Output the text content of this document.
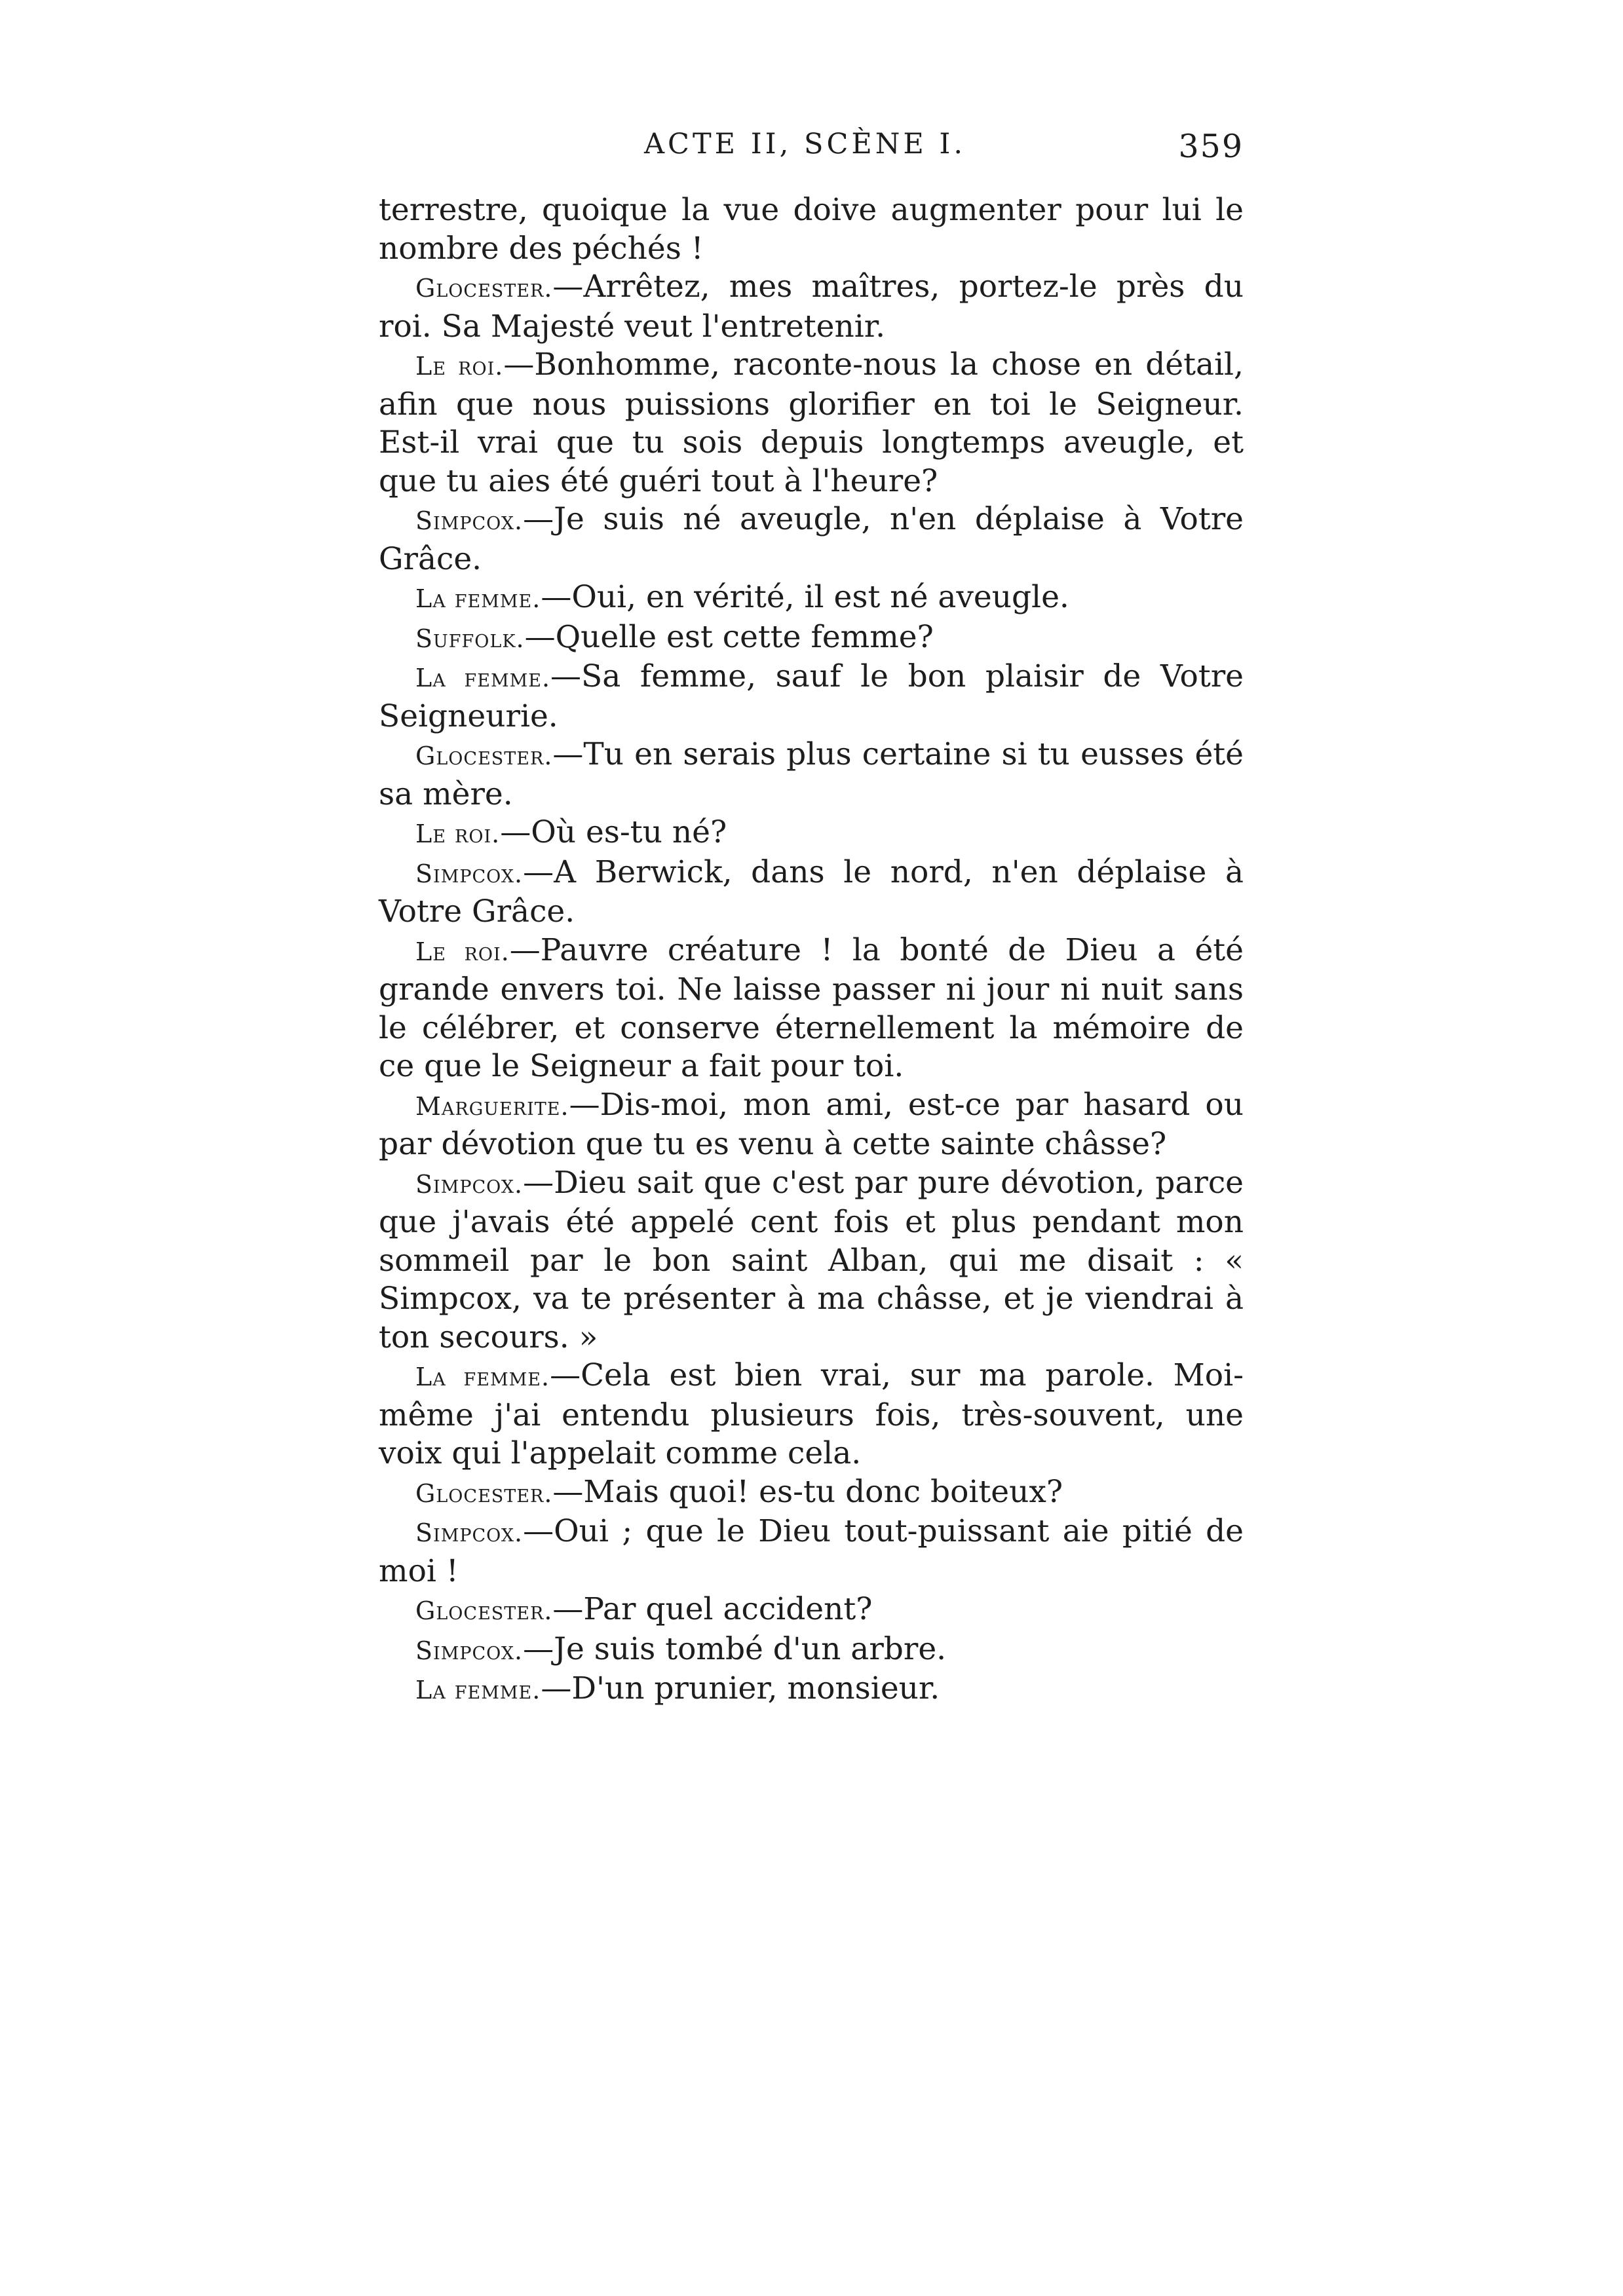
ACTE II, SCÈNE I.	359

terrestre, quoique la vue doive augmenter pour lui le nombre des péchés !

Glocester.—Arrêtez, mes maîtres, portez-le près du roi. Sa Majesté veut l'entretenir.

Le roi.—Bonhomme, raconte-nous la chose en détail, afin que nous puissions glorifier en toi le Seigneur. Est-il vrai que tu sois depuis longtemps aveugle, et que tu aies été guéri tout à l'heure?

Simpcox.—Je suis né aveugle, n'en déplaise à Votre Grâce.

La femme.—Oui, en vérité, il est né aveugle.

Suffolk.—Quelle est cette femme?

La femme.—Sa femme, sauf le bon plaisir de Votre Seigneurie.

Glocester.—Tu en serais plus certaine si tu eusses été sa mère.

Le roi.—Où es-tu né?

Simpcox.—A Berwick, dans le nord, n'en déplaise à Votre Grâce.

Le roi.—Pauvre créature ! la bonté de Dieu a été grande envers toi. Ne laisse passer ni jour ni nuit sans le célébrer, et conserve éternellement la mémoire de ce que le Seigneur a fait pour toi.

Marguerite.—Dis-moi, mon ami, est-ce par hasard ou par dévotion que tu es venu à cette sainte châsse?

Simpcox.—Dieu sait que c'est par pure dévotion, parce que j'avais été appelé cent fois et plus pendant mon sommeil par le bon saint Alban, qui me disait : « Simpcox, va te présenter à ma châsse, et je viendrai à ton secours. »

La femme.—Cela est bien vrai, sur ma parole. Moi-même j'ai entendu plusieurs fois, très-souvent, une voix qui l'appelait comme cela.

Glocester.—Mais quoi! es-tu donc boiteux?

Simpcox.—Oui ; que le Dieu tout-puissant aie pitié de moi !

Glocester.—Par quel accident?

Simpcox.—Je suis tombé d'un arbre.

La femme.—D'un prunier, monsieur.
